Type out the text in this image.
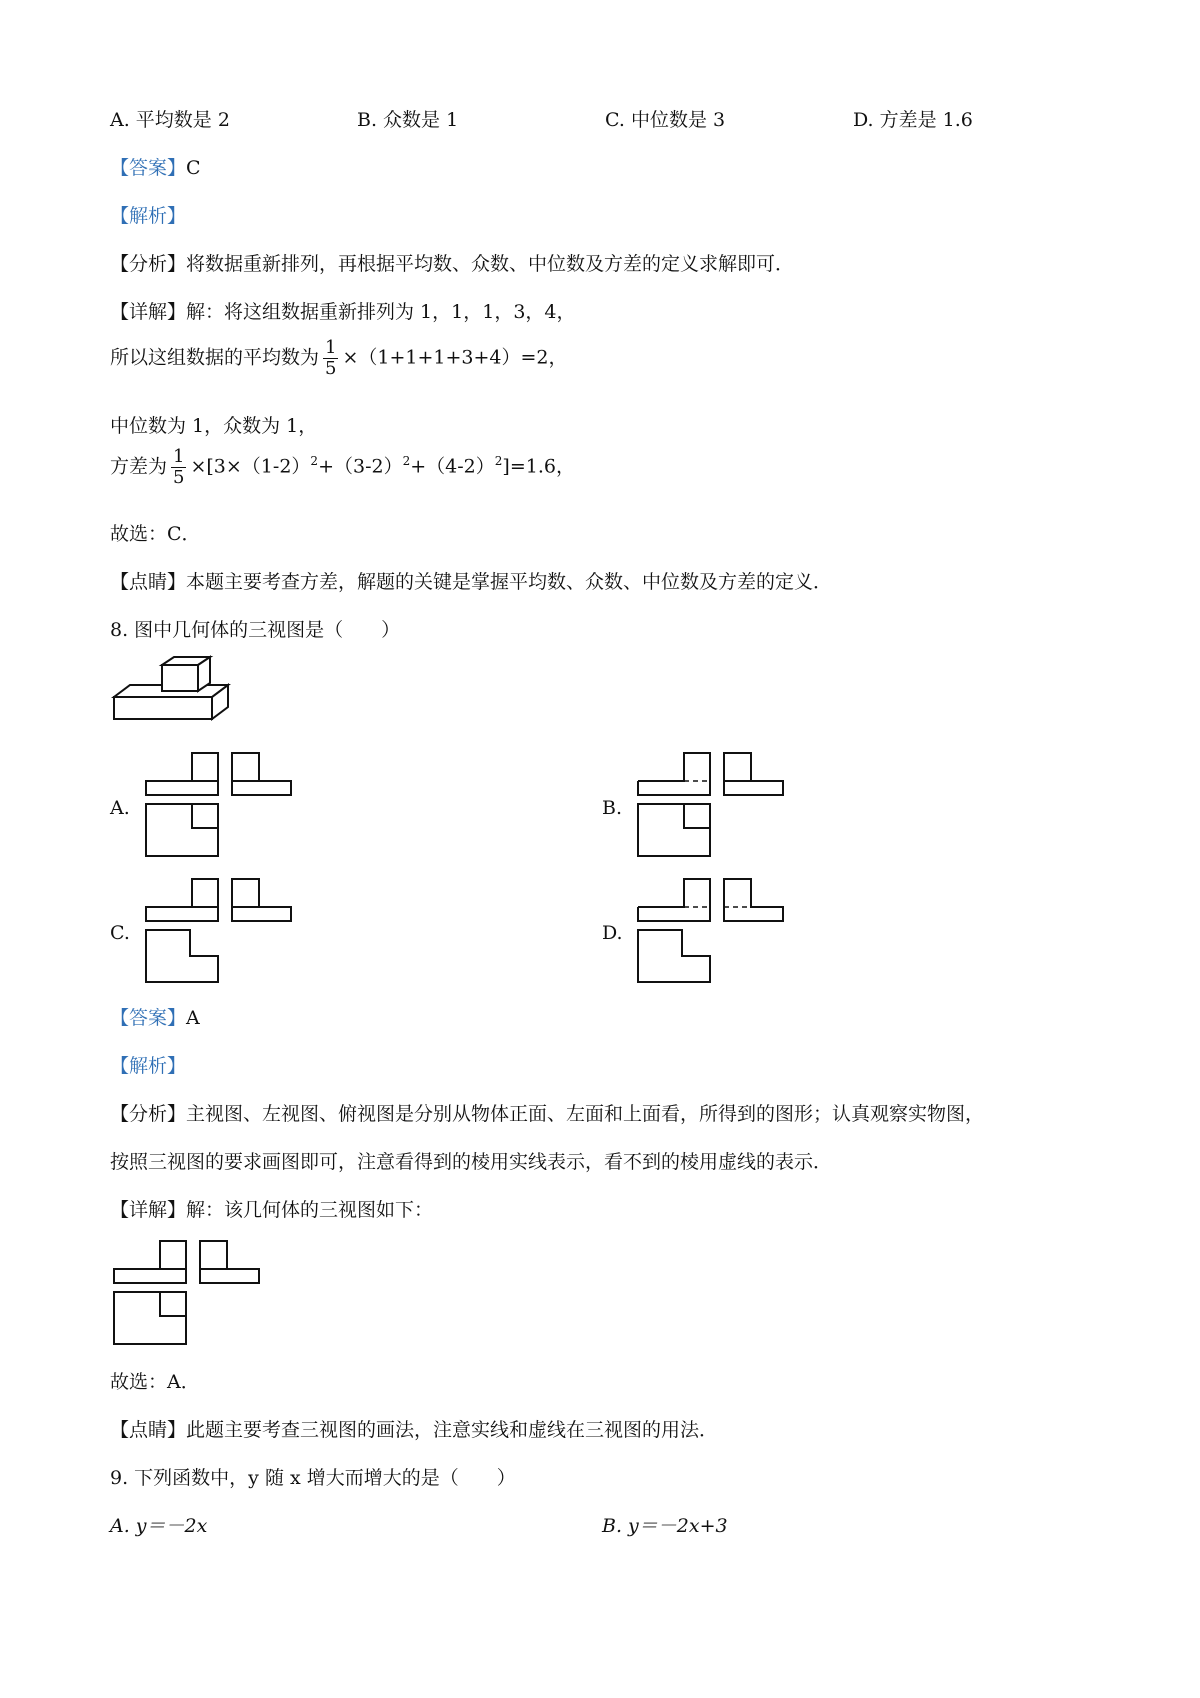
A. 平均数是 2	B. 众数是 1	C. 中位数是 3	D. 方差是 1.6
【答案】C
【解析】
【分析】将数据重新排列，再根据平均数、众数、中位数及方差的定义求解即可．
【详解】解：将这组数据重新排列为 1，1，1，3，4，
所以这组数据的平均数为 $\frac{1}{5} \times(1+1+1+3+4)=2$，
中位数为 1，众数为 1，
方差为 $\frac{1}{5} \times[3\times(1-2)^2+(3-2)^2+(4-2)^2]=1.6$，
故选：C．
【点睛】本题主要考查方差，解题的关键是掌握平均数、众数、中位数及方差的定义．
8. 图中几何体的三视图是（　　）
A.	B.
C.	D.
【答案】A
【解析】
【分析】主视图、左视图、俯视图是分别从物体正面、左面和上面看，所得到的图形；认真观察实物图，
按照三视图的要求画图即可，注意看得到的棱用实线表示，看不到的棱用虚线的表示．
【详解】解：该几何体的三视图如下：
故选：A．
【点睛】此题主要考查三视图的画法，注意实线和虚线在三视图的用法．
9. 下列函数中，y 随 x 增大而增大的是（　　）
A. y＝－2x	B. y＝－2x+3
